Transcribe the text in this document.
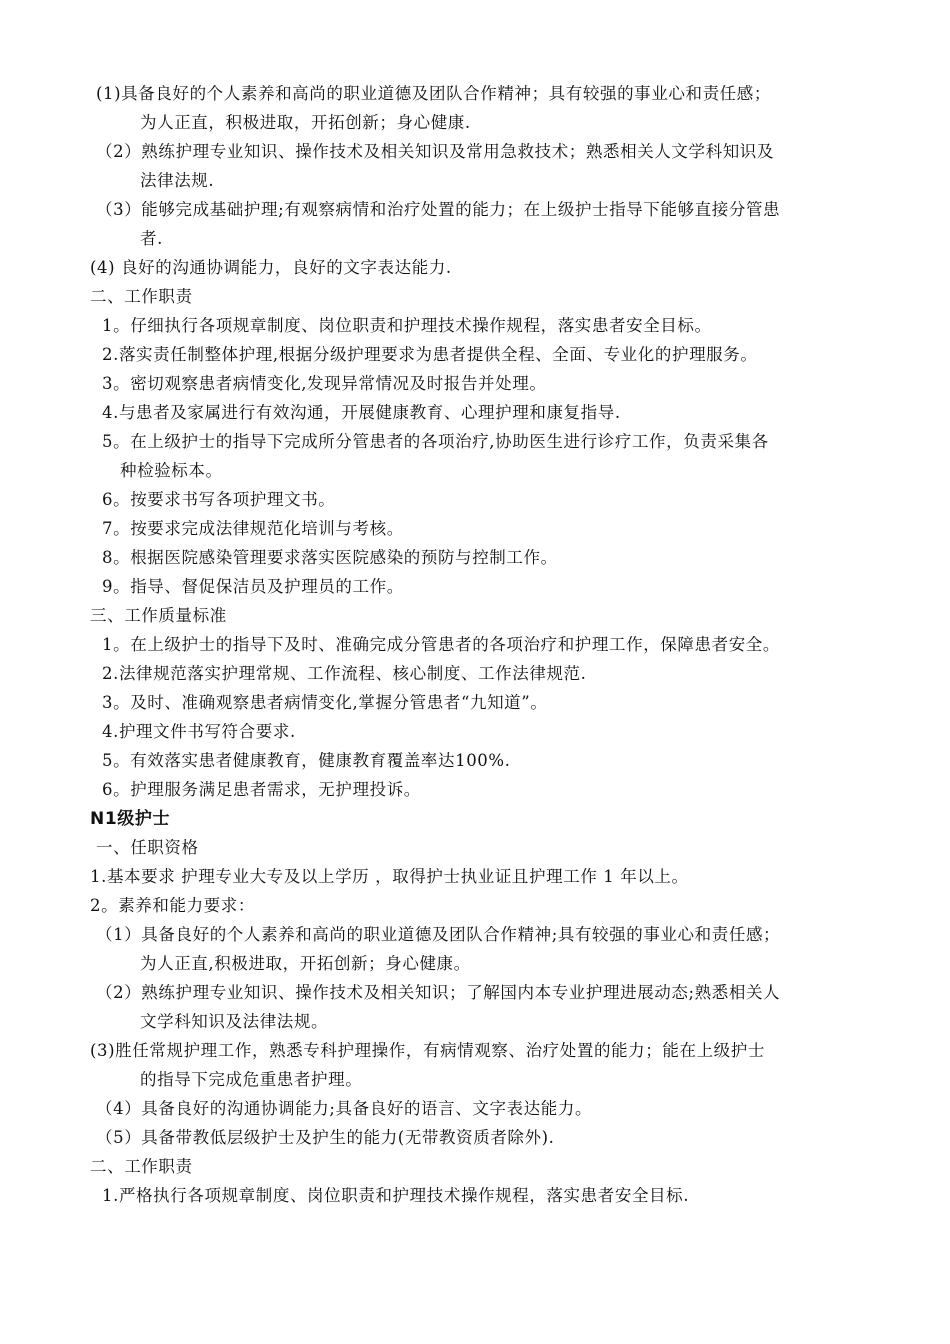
(1)具备良好的个人素养和高尚的职业道德及团队合作精神；具有较强的事业心和责任感；
为人正直，积极进取，开拓创新；身心健康.
（2）熟练护理专业知识、操作技术及相关知识及常用急救技术；熟悉相关人文学科知识及
法律法规.
（3）能够完成基础护理;有观察病情和治疗处置的能力；在上级护士指导下能够直接分管患
者.
(4) 良好的沟通协调能力，良好的文字表达能力.
二、工作职责
1。仔细执行各项规章制度、岗位职责和护理技术操作规程，落实患者安全目标。
2.落实责任制整体护理,根据分级护理要求为患者提供全程、全面、专业化的护理服务。
3。密切观察患者病情变化,发现异常情况及时报告并处理。
4.与患者及家属进行有效沟通，开展健康教育、心理护理和康复指导.
5。在上级护士的指导下完成所分管患者的各项治疗,协助医生进行诊疗工作，负责采集各
种检验标本。
6。按要求书写各项护理文书。
7。按要求完成法律规范化培训与考核。
8。根据医院感染管理要求落实医院感染的预防与控制工作。
9。指导、督促保洁员及护理员的工作。
三、工作质量标准
1。在上级护士的指导下及时、准确完成分管患者的各项治疗和护理工作，保障患者安全。
2.法律规范落实护理常规、工作流程、核心制度、工作法律规范.
3。及时、准确观察患者病情变化,掌握分管患者“九知道”。
4.护理文件书写符合要求.
5。有效落实患者健康教育，健康教育覆盖率达100%.
6。护理服务满足患者需求，无护理投诉。
N1级护士
一、任职资格
1.基本要求 护理专业大专及以上学历 ，取得护士执业证且护理工作 1 年以上。
2。素养和能力要求：
（1）具备良好的个人素养和高尚的职业道德及团队合作精神;具有较强的事业心和责任感；
为人正直,积极进取，开拓创新；身心健康。
（2）熟练护理专业知识、操作技术及相关知识；了解国内本专业护理进展动态;熟悉相关人
文学科知识及法律法规。
(3)胜任常规护理工作，熟悉专科护理操作，有病情观察、治疗处置的能力；能在上级护士
的指导下完成危重患者护理。
（4）具备良好的沟通协调能力;具备良好的语言、文字表达能力。
（5）具备带教低层级护士及护生的能力(无带教资质者除外).
二、工作职责
1.严格执行各项规章制度、岗位职责和护理技术操作规程，落实患者安全目标.
